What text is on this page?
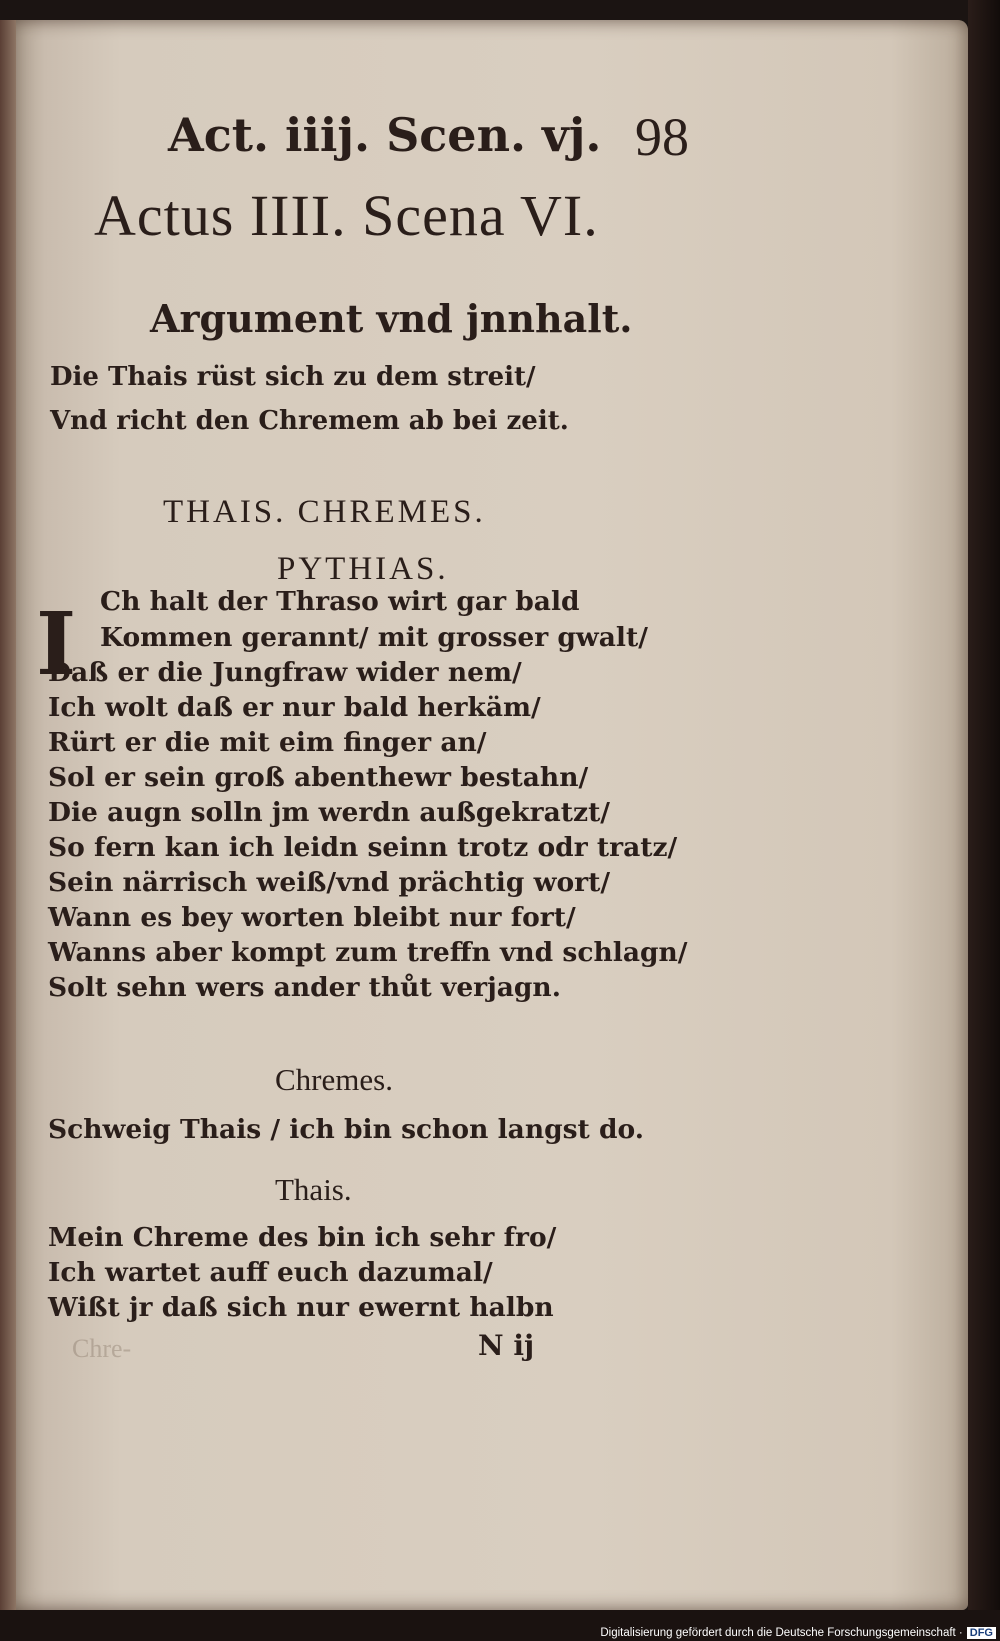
Act. iiij. Scen. vj. 98
Actus IIII. Scena VI.
Argument vnd jnnhalt.
Die Thais rüst sich zu dem streit/
Vnd richt den Chremem ab bei zeit.
THAIS. CHREMES.
PYTHIAS.
I Ch halt der Thraso wirt gar bald
Kommen gerannt/ mit grosser gwalt/
Daß er die Jungfraw wider nem/
Ich wolt daß er nur bald herkäm/
Rürt er die mit eim finger an/
Sol er sein groß abenthewr bestahn/
Die augn solln jm werdn außgekratzt/
So fern kan ich leidn seinn trotz odr tratz/
Sein närrisch weiß/vnd prächtig wort/
Wann es bey worten bleibt nur fort/
Wanns aber kompt zum treffn vnd schlagn/
Solt sehn wers ander thůt verjagn.
Chremes.
Schweig Thais / ich bin schon langst do.
Thais.
Mein Chreme des bin ich sehr fro/
Ich wartet auff euch dazumal/
Wißt jr daß sich nur ewernt halbn
Chre-	N ij
Digitalisierung gefördert durch die Deutsche Forschungsgemeinschaft · DFG
